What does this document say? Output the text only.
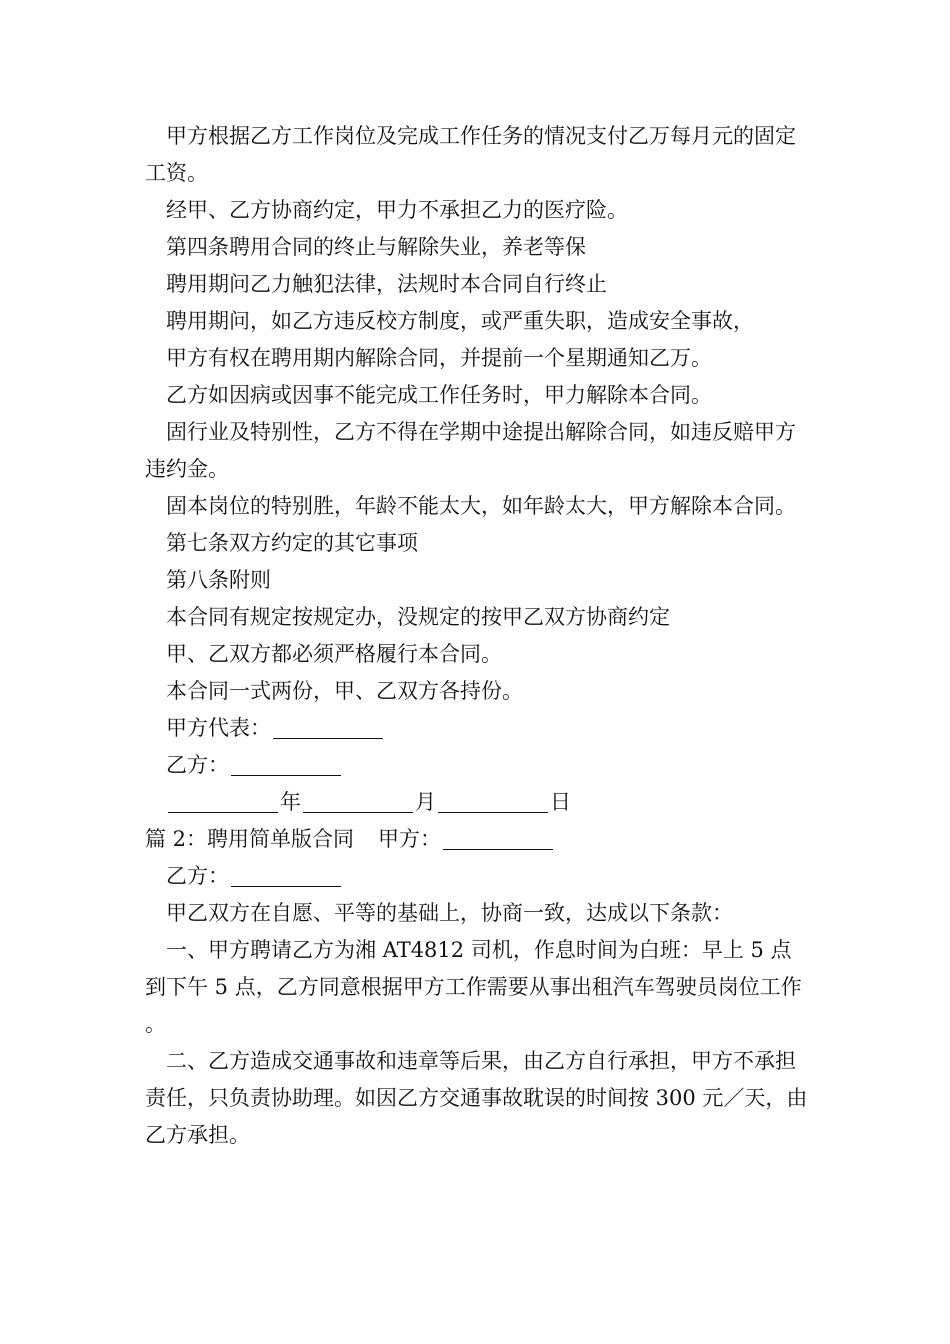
甲方根据乙方工作岗位及完成工作任务的情况支付乙万每月元的固定工资。

经甲、乙方协商约定，甲力不承担乙力的医疗险。

第四条聘用合同的终止与解除失业，养老等保

聘用期问乙力触犯法律，法规时本合同自行终止

聘用期问，如乙方违反校方制度，或严重失职，造成安全事故，

甲方有权在聘用期内解除合同，并提前一个星期通知乙万。

乙方如因病或因事不能完成工作任务时，甲力解除本合同。

固行业及特别性，乙方不得在学期中途提出解除合同，如违反赔甲方违约金。

固本岗位的特别胜，年龄不能太大，如年龄太大，甲方解除本合同。

第七条双方约定的其它事项

第八条附则

本合同有规定按规定办，没规定的按甲乙双方协商约定

甲、乙双方都必须严格履行本合同。

本合同一式两份，甲、乙双方各持份。

甲方代表：

乙方：

年	月	日

篇 2：聘用简单版合同 甲方：

乙方：

甲乙双方在自愿、平等的基础上，协商一致，达成以下条款：

一、甲方聘请乙方为湘 AT4812 司机，作息时间为白班：早上 5 点到下午 5 点，乙方同意根据甲方工作需要从事出租汽车驾驶员岗位工作。

二、乙方造成交通事故和违章等后果，由乙方自行承担，甲方不承担责任，只负责协助理。如因乙方交通事故耽误的时间按 300 元／天，由乙方承担。
